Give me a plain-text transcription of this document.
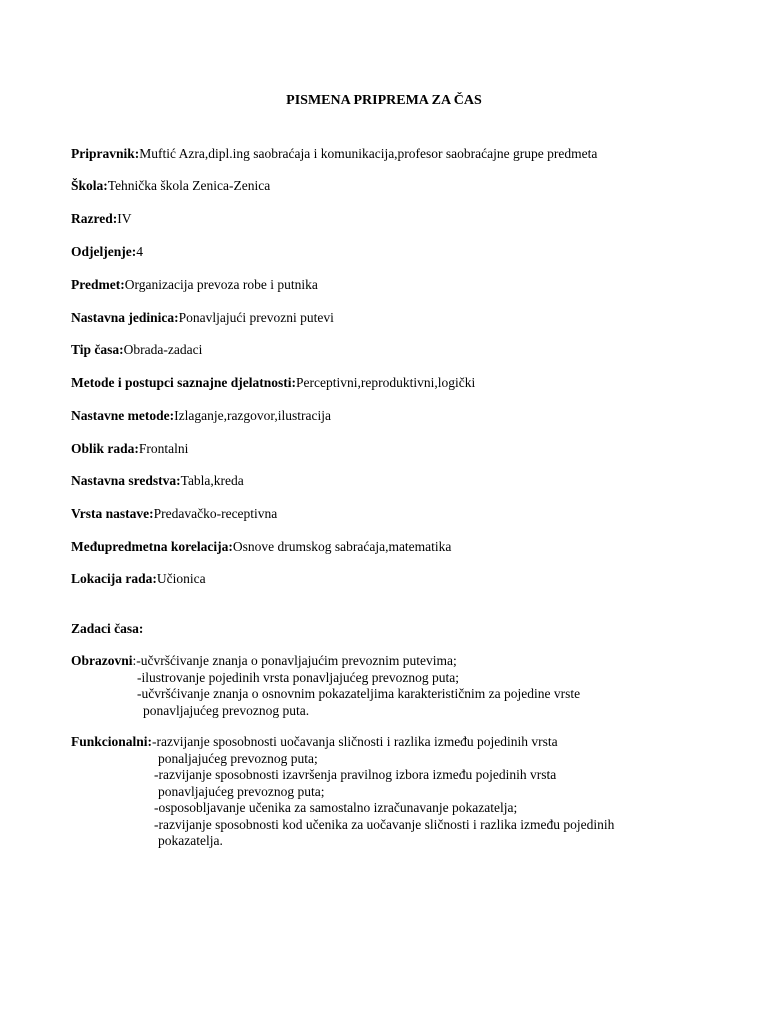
PISMENA PRIPREMA ZA ČAS

Pripravnik:Muftić Azra,dipl.ing saobraćaja i komunikacija,profesor saobraćajne grupe predmeta

Škola:Tehnička škola Zenica-Zenica

Razred:IV

Odjeljenje:4

Predmet:Organizacija prevoza robe i putnika

Nastavna jedinica:Ponavljajući prevozni putevi

Tip časa:Obrada-zadaci

Metode i postupci saznajne djelatnosti:Perceptivni,reproduktivni,logički

Nastavne metode:Izlaganje,razgovor,ilustracija

Oblik rada:Frontalni

Nastavna sredstva:Tabla,kreda

Vrsta nastave:Predavačko-receptivna

Međupredmetna korelacija:Osnove drumskog sabraćaja,matematika

Lokacija rada:Učionica

Zadaci časa:

Obrazovni:-učvršćivanje znanja o ponavljajućim prevoznim putevima;
-ilustrovanje pojedinih vrsta ponavljajućeg prevoznog puta;
-učvršćivanje znanja o osnovnim pokazateljima karakterističnim za pojedine vrste
ponavljajućeg prevoznog puta.
Funkcionalni:-razvijanje sposobnosti uočavanja sličnosti i razlika između pojedinih vrsta
ponaljajućeg prevoznog puta;
-razvijanje sposobnosti izavršenja pravilnog izbora između pojedinih vrsta
ponavljajućeg prevoznog puta;
-osposobljavanje učenika za samostalno izračunavanje pokazatelja;
-razvijanje sposobnosti kod učenika za uočavanje sličnosti i razlika između pojedinih
pokazatelja.
